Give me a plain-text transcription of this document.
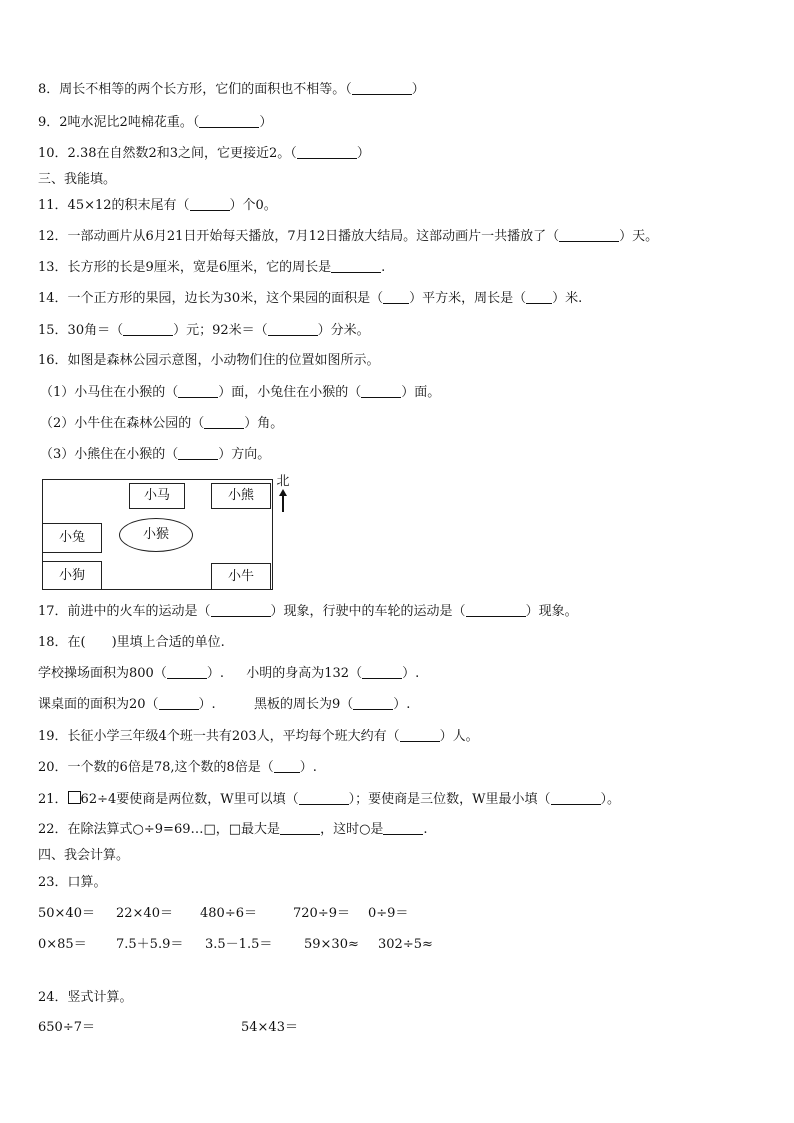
8．周长不相等的两个长方形，它们的面积也不相等。（	）
9．2吨水泥比2吨棉花重。（	）
10．2.38在自然数2和3之间，它更接近2。（	）
三、我能填。
11．45×12的积末尾有（	）个0。
12．一部动画片从6月21日开始每天播放，7月12日播放大结局。这部动画片一共播放了（	）天。
13．长方形的长是9厘米，宽是6厘米，它的周长是	.
14．一个正方形的果园，边长为30米，这个果园的面积是（ ）平方米，周长是（ ）米.
15．30角＝（	）元；92米＝（	）分米。
16．如图是森林公园示意图，小动物们住的位置如图所示。
（1）小马住在小猴的（	）面，小兔住在小猴的（	）面。
（2）小牛住在森林公园的（	）角。
（3）小熊住在小猴的（	）方向。
小马	小熊
小兔	小猴
小狗	小牛
北
17．前进中的火车的运动是（	）现象，行驶中的车轮的运动是（	）现象。
18．在(　　)里填上合适的单位.
学校操场面积为800（	）. 小明的身高为132（	）.
课桌面的面积为20（	）.	黑板的周长为9（	）.
19．长征小学三年级4个班一共有203人，平均每个班大约有（	）人。
20．一个数的6倍是78,这个数的8倍是（ ）.
21． 62÷4要使商是两位数，W里可以填（	）；要使商是三位数，W里最小填（	）。
22．在除法算式○÷9=69…□，□最大是	，这时○是	.
四、我会计算。
23．口算。
50×40＝ 22×40＝ 480÷6＝	720÷9＝ 0÷9＝
0×85＝ 7.5＋5.9＝ 3.5－1.5＝ 59×30≈ 302÷5≈
24．竖式计算。
650÷7＝	54×43＝
